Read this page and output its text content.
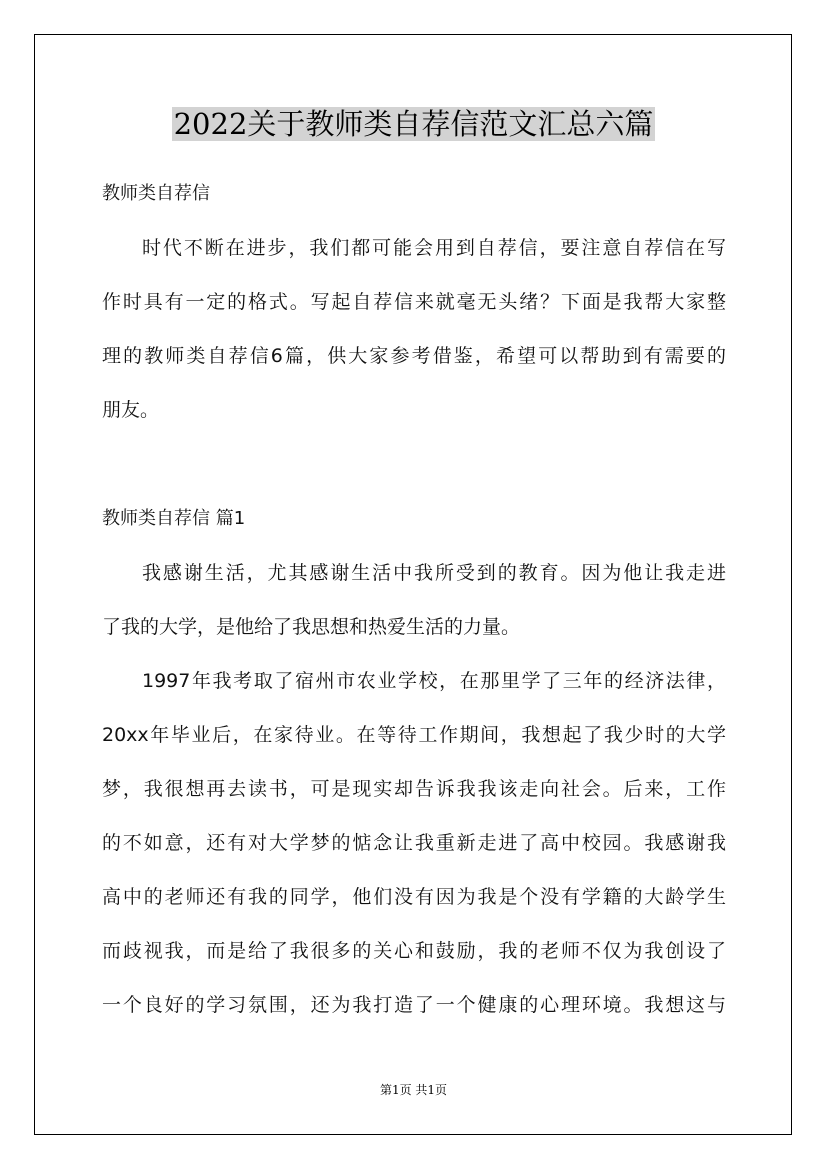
2022关于教师类自荐信范文汇总六篇

教师类自荐信

时代不断在进步，我们都可能会用到自荐信，要注意自荐信在写

作时具有一定的格式。写起自荐信来就毫无头绪？下面是我帮大家整

理的教师类自荐信6篇，供大家参考借鉴，希望可以帮助到有需要的

朋友。

教师类自荐信 篇1

我感谢生活，尤其感谢生活中我所受到的教育。因为他让我走进

了我的大学，是他给了我思想和热爱生活的力量。

1997年我考取了宿州市农业学校，在那里学了三年的经济法律，

20xx年毕业后，在家待业。在等待工作期间，我想起了我少时的大学

梦，我很想再去读书，可是现实却告诉我我该走向社会。后来，工作

的不如意，还有对大学梦的惦念让我重新走进了高中校园。我感谢我

高中的老师还有我的同学，他们没有因为我是个没有学籍的大龄学生

而歧视我，而是给了我很多的关心和鼓励，我的老师不仅为我创设了

一个良好的学习氛围，还为我打造了一个健康的心理环境。我想这与

第1页 共1页
